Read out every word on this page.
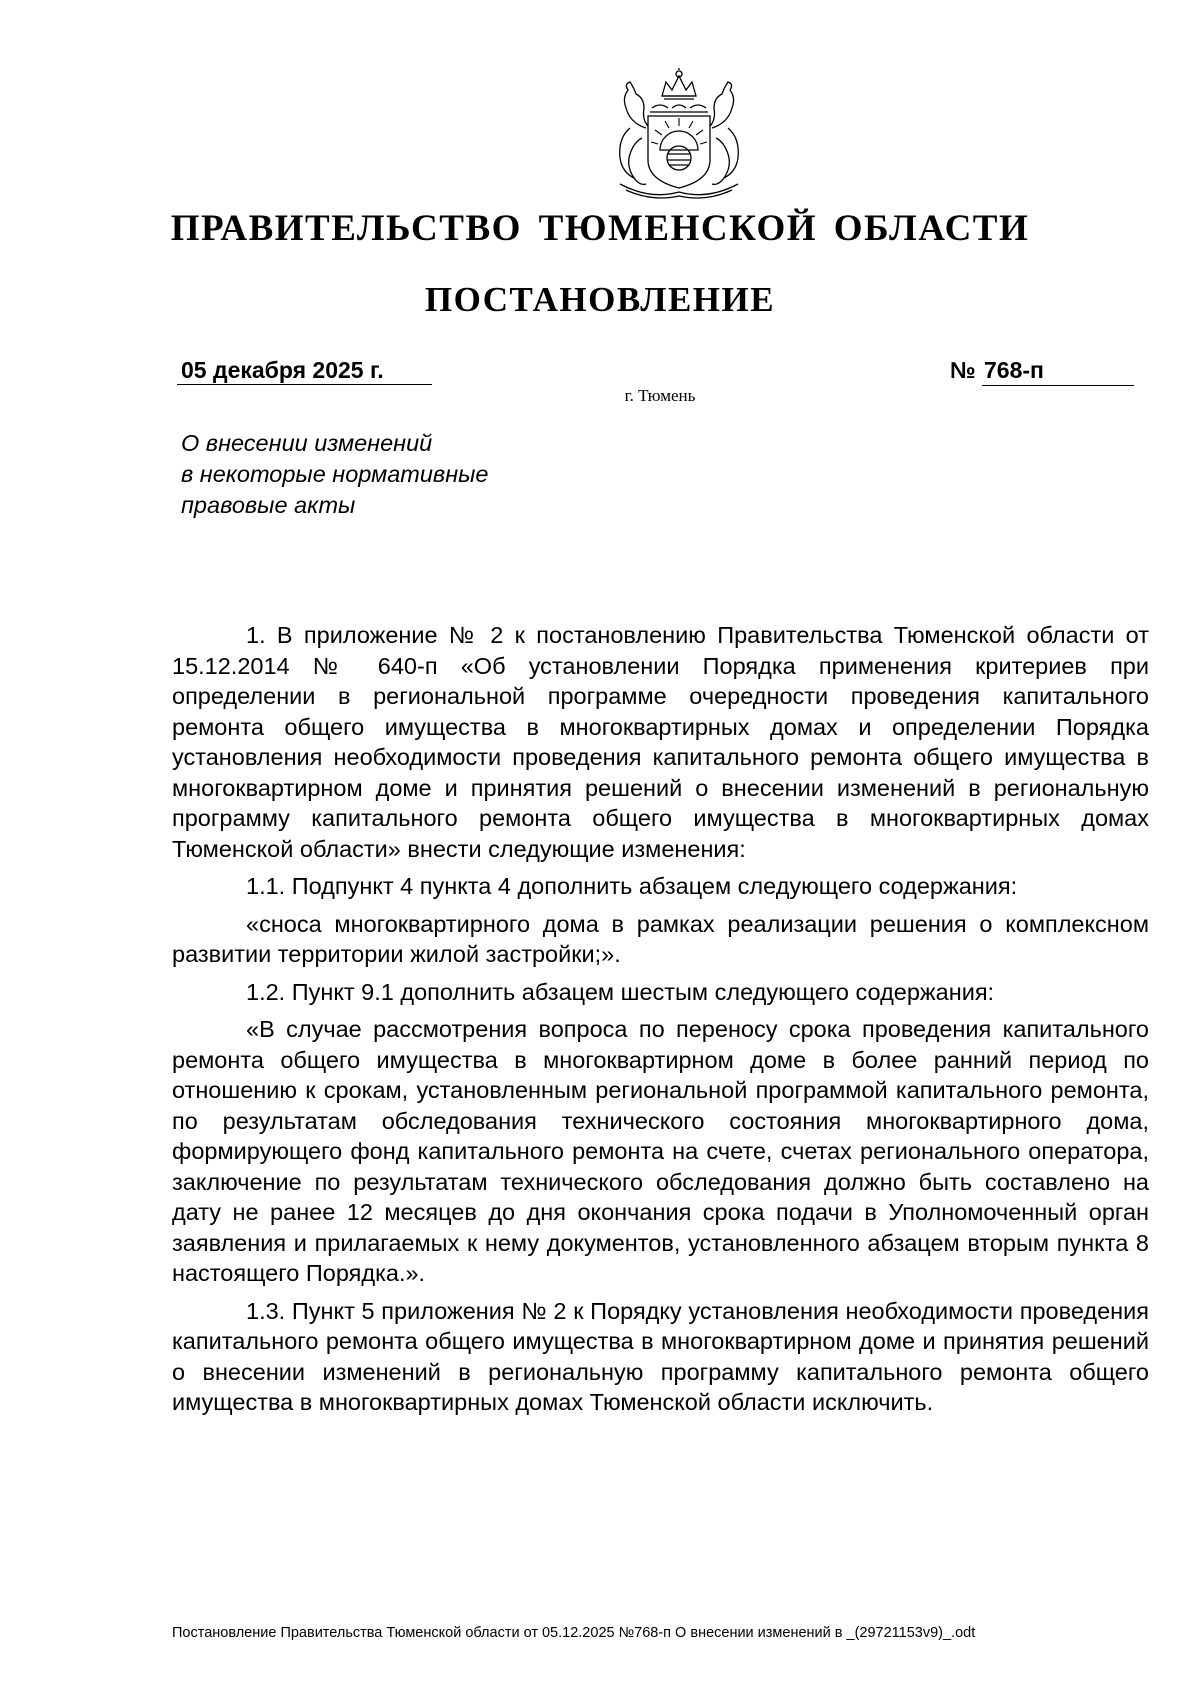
ПРАВИТЕЛЬСТВО ТЮМЕНСКОЙ ОБЛАСТИ
ПОСТАНОВЛЕНИЕ
05 декабря 2025 г.	№ 768-п
г. Тюмень
О внесении изменений
в некоторые нормативные
правовые акты

1. В приложение № 2 к постановлению Правительства Тюменской области от 15.12.2014 № 640-п «Об установлении Порядка применения критериев при определении в региональной программе очередности проведения капитального ремонта общего имущества в многоквартирных домах и определении Порядка установления необходимости проведения капитального ремонта общего имущества в многоквартирном доме и принятия решений о внесении изменений в региональную программу капитального ремонта общего имущества в многоквартирных домах Тюменской области» внести следующие изменения:

1.1. Подпункт 4 пункта 4 дополнить абзацем следующего содержания:

«сноса многоквартирного дома в рамках реализации решения о комплексном развитии территории жилой застройки;».

1.2. Пункт 9.1 дополнить абзацем шестым следующего содержания:

«В случае рассмотрения вопроса по переносу срока проведения капитального ремонта общего имущества в многоквартирном доме в более ранний период по отношению к срокам, установленным региональной программой капитального ремонта, по результатам обследования технического состояния многоквартирного дома, формирующего фонд капитального ремонта на счете, счетах регионального оператора, заключение по результатам технического обследования должно быть составлено на дату не ранее 12 месяцев до дня окончания срока подачи в Уполномоченный орган заявления и прилагаемых к нему документов, установленного абзацем вторым пункта 8 настоящего Порядка.».

1.3. Пункт 5 приложения № 2 к Порядку установления необходимости проведения капитального ремонта общего имущества в многоквартирном доме и принятия решений о внесении изменений в региональную программу капитального ремонта общего имущества в многоквартирных домах Тюменской области исключить.

Постановление Правительства Тюменской области от 05.12.2025 №768-п О внесении изменений в _(29721153v9)_.odt
